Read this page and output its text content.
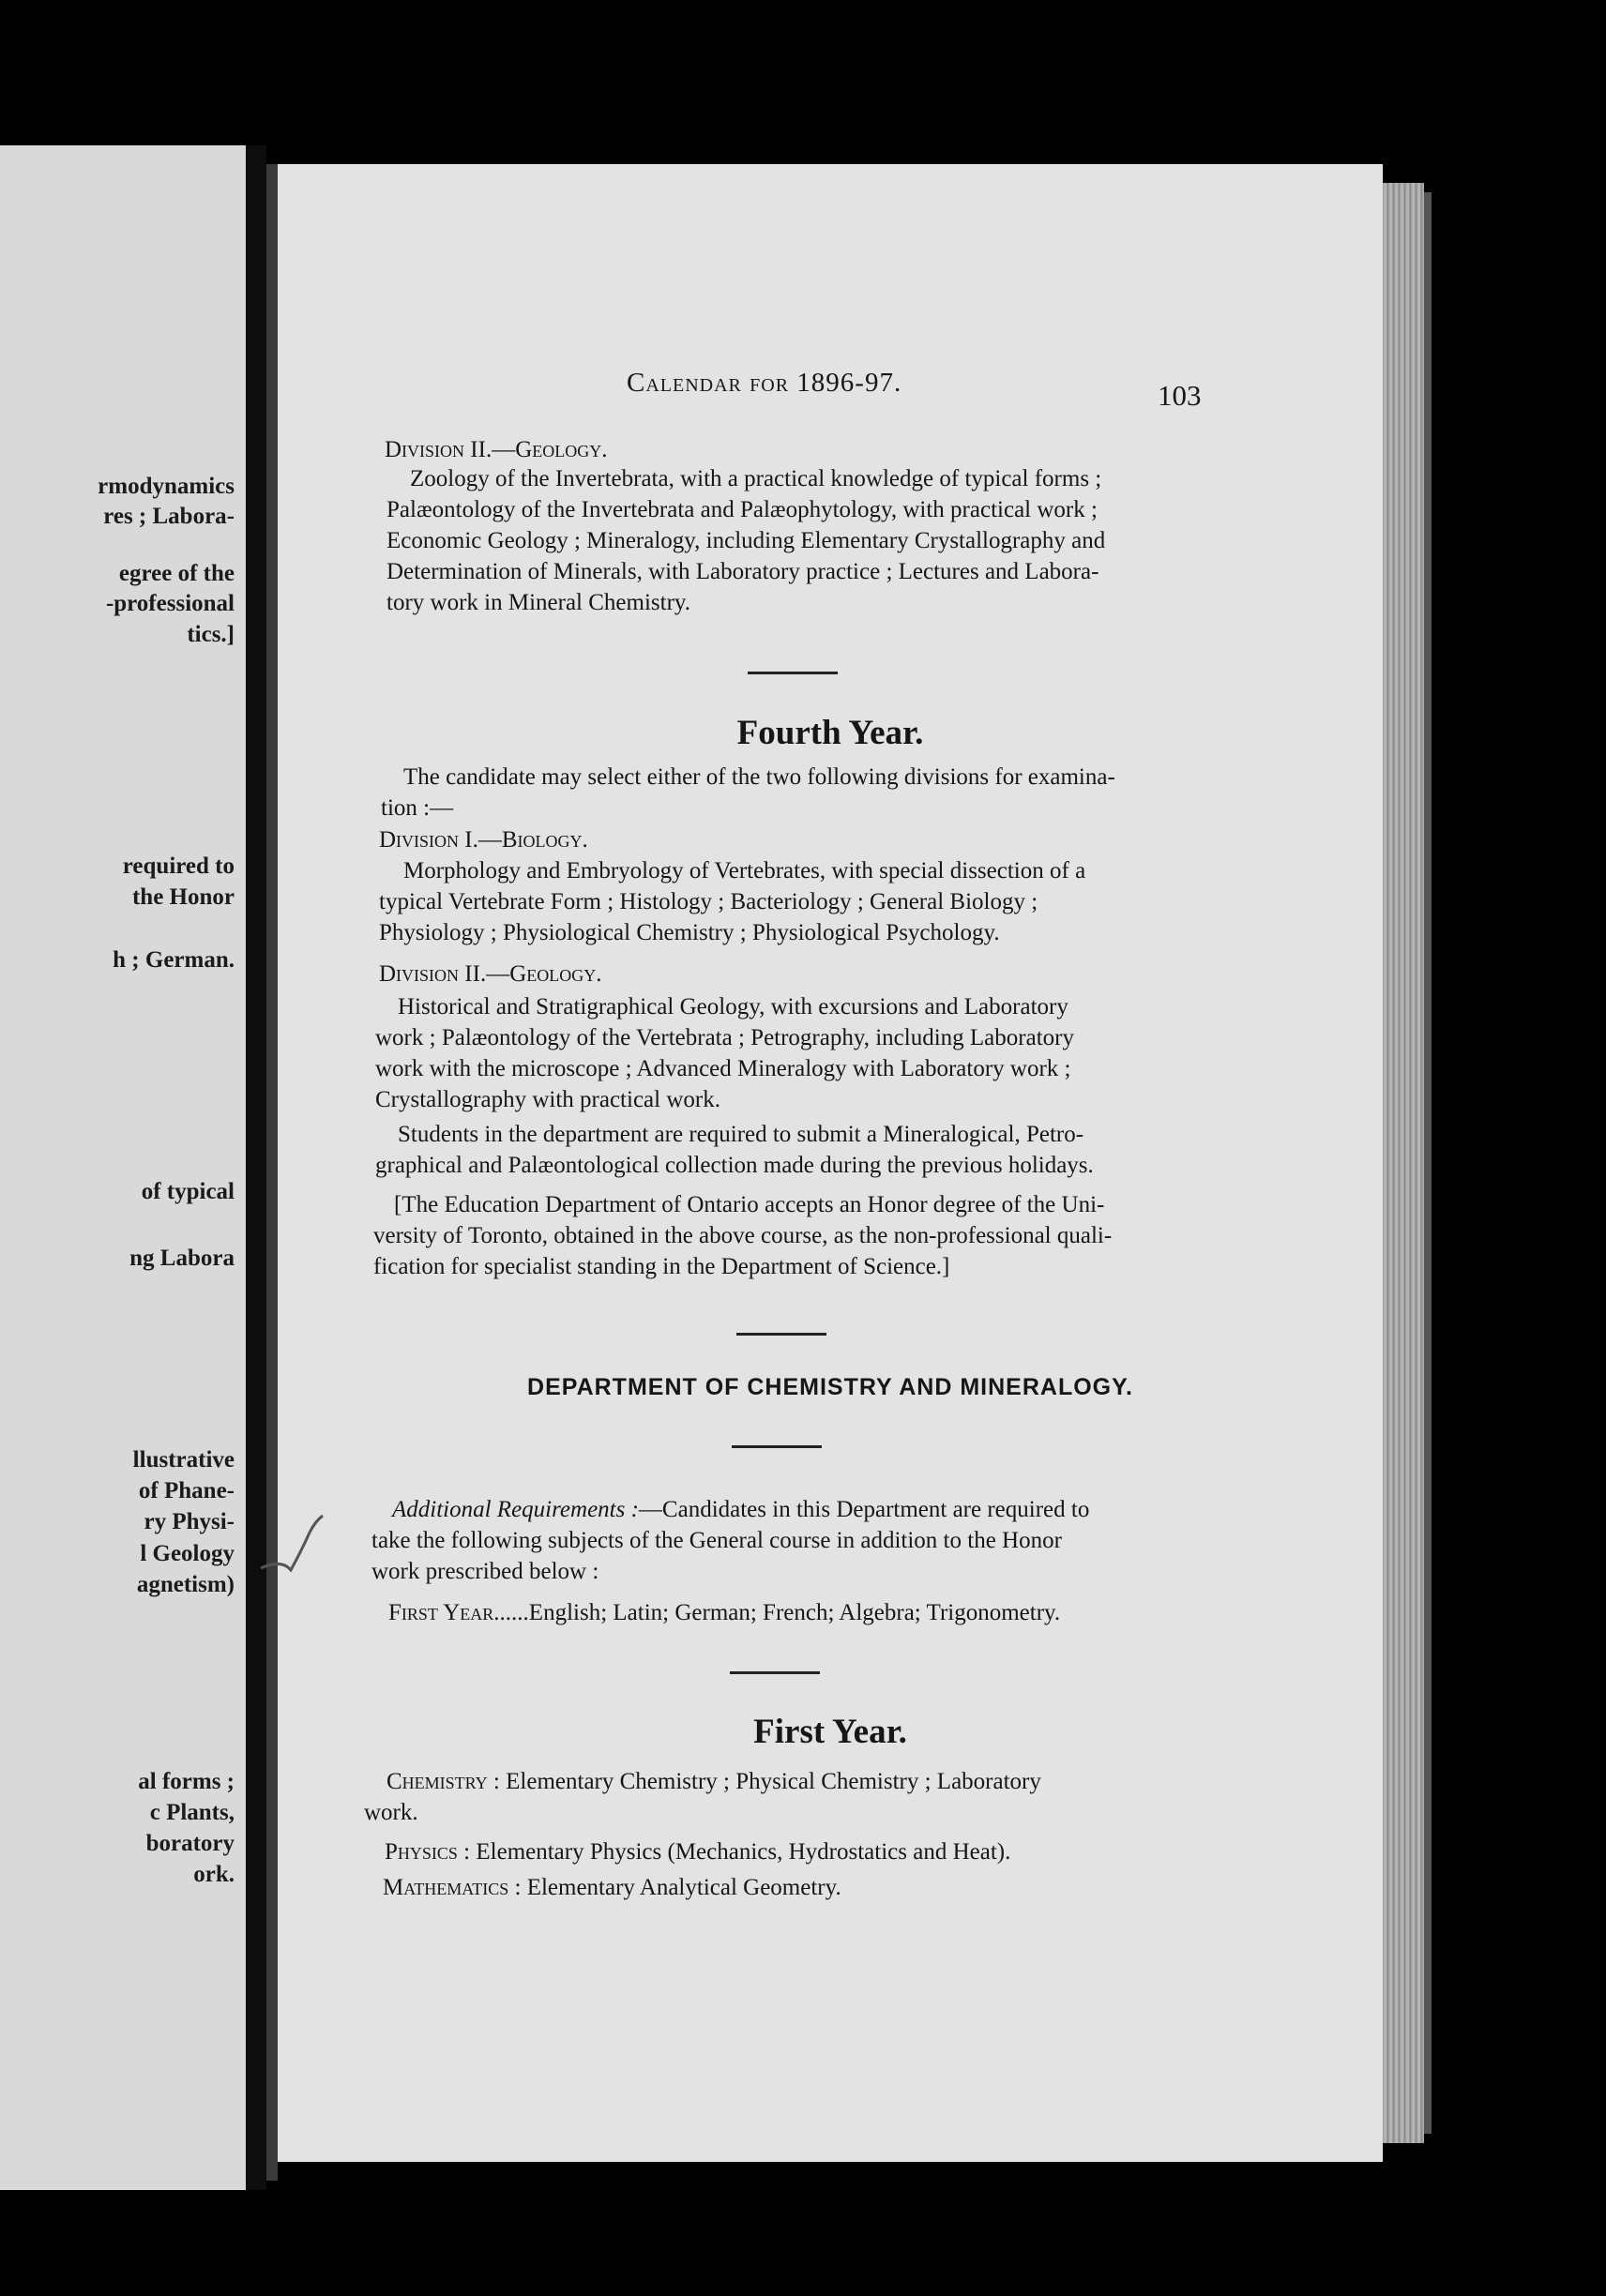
rmodynamics
res ; Labora-
egree of the
-professional
tics.]
required to
the Honor
h ; German.
of typical
ng Labora
llustrative
of Phane-
ry Physi-
l Geology
agnetism)
al forms ;
c Plants,
boratory
ork.
Calendar for 1896-97.	103
Division II.—Geology.
Zoology of the Invertebrata, with a practical knowledge of typical forms ;
Palæontology of the Invertebrata and Palæophytology, with practical work ;
Economic Geology ; Mineralogy, including Elementary Crystallography and
Determination of Minerals, with Laboratory practice ; Lectures and Labora-
tory work in Mineral Chemistry.
Fourth Year.
The candidate may select either of the two following divisions for examina-
tion :—
Division I.—Biology.
Morphology and Embryology of Vertebrates, with special dissection of a
typical Vertebrate Form ; Histology ; Bacteriology ; General Biology ;
Physiology ; Physiological Chemistry ; Physiological Psychology.
Division II.—Geology.
Historical and Stratigraphical Geology, with excursions and Laboratory
work ; Palæontology of the Vertebrata ; Petrography, including Laboratory
work with the microscope ; Advanced Mineralogy with Laboratory work ;
Crystallography with practical work.
Students in the department are required to submit a Mineralogical, Petro-
graphical and Palæontological collection made during the previous holidays.
[The Education Department of Ontario accepts an Honor degree of the Uni-
versity of Toronto, obtained in the above course, as the non-professional quali-
fication for specialist standing in the Department of Science.]
DEPARTMENT OF CHEMISTRY AND MINERALOGY.
Additional Requirements :—Candidates in this Department are required to
take the following subjects of the General course in addition to the Honor
work prescribed below :
First Year......English; Latin; German; French; Algebra; Trigonometry.
First Year.
Chemistry : Elementary Chemistry ; Physical Chemistry ; Laboratory
work.
Physics : Elementary Physics (Mechanics, Hydrostatics and Heat).
Mathematics : Elementary Analytical Geometry.
